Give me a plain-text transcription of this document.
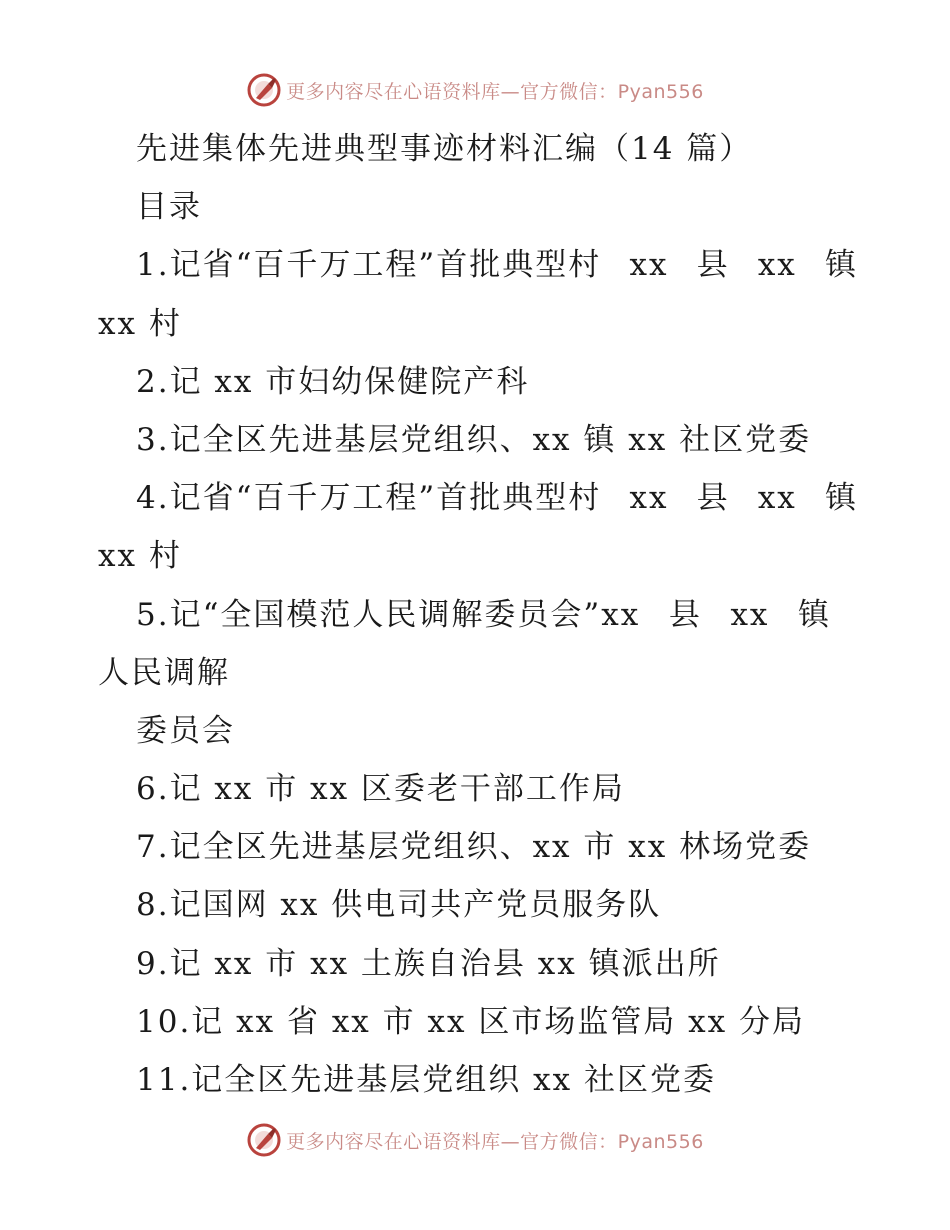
更多内容尽在心语资料库—官方微信：Pyan556
先进集体先进典型事迹材料汇编（14 篇）
目录
1.记省“百千万工程”首批典型村 xx 县 xx 镇
xx 村
2.记 xx 市妇幼保健院产科
3.记全区先进基层党组织、xx 镇 xx 社区党委
4.记省“百千万工程”首批典型村 xx 县 xx 镇
xx 村
5.记“全国模范人民调解委员会”xx 县 xx 镇
人民调解
委员会
6.记 xx 市 xx 区委老干部工作局
7.记全区先进基层党组织、xx 市 xx 林场党委
8.记国网 xx 供电司共产党员服务队
9.记 xx 市 xx 土族自治县 xx 镇派出所
10.记 xx 省 xx 市 xx 区市场监管局 xx 分局
11.记全区先进基层党组织 xx 社区党委
更多内容尽在心语资料库—官方微信：Pyan556
